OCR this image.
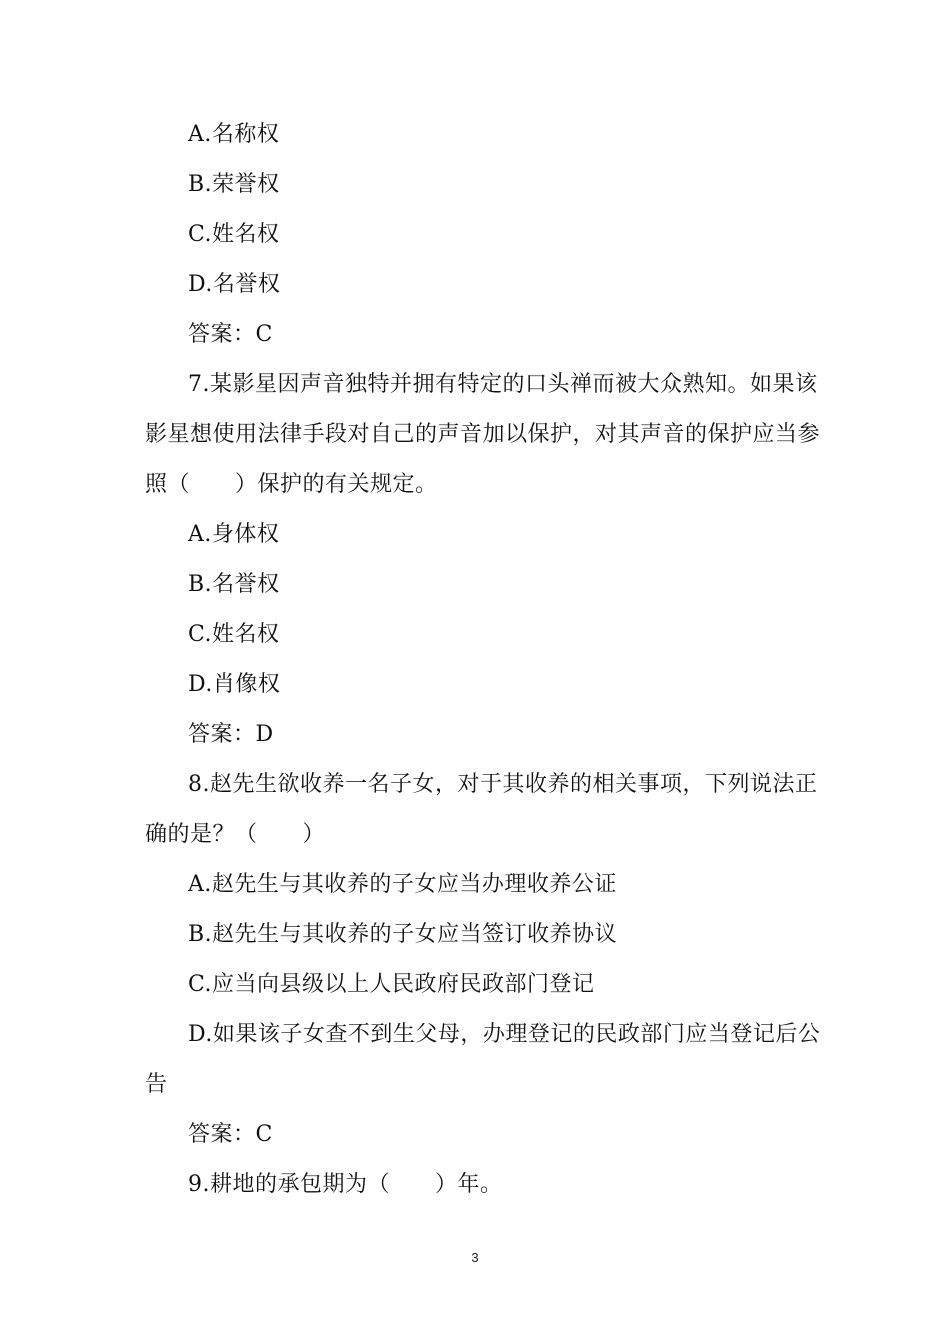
A.名称权
B.荣誉权
C.姓名权
D.名誉权
答案：C
7.某影星因声音独特并拥有特定的口头禅而被大众熟知。如果该
影星想使用法律手段对自己的声音加以保护，对其声音的保护应当参
照（　　）保护的有关规定。
A.身体权
B.名誉权
C.姓名权
D.肖像权
答案：D
8.赵先生欲收养一名子女，对于其收养的相关事项，下列说法正
确的是？（　　）
A.赵先生与其收养的子女应当办理收养公证
B.赵先生与其收养的子女应当签订收养协议
C.应当向县级以上人民政府民政部门登记
D.如果该子女查不到生父母，办理登记的民政部门应当登记后公
告
答案：C
9.耕地的承包期为（　　）年。
3
